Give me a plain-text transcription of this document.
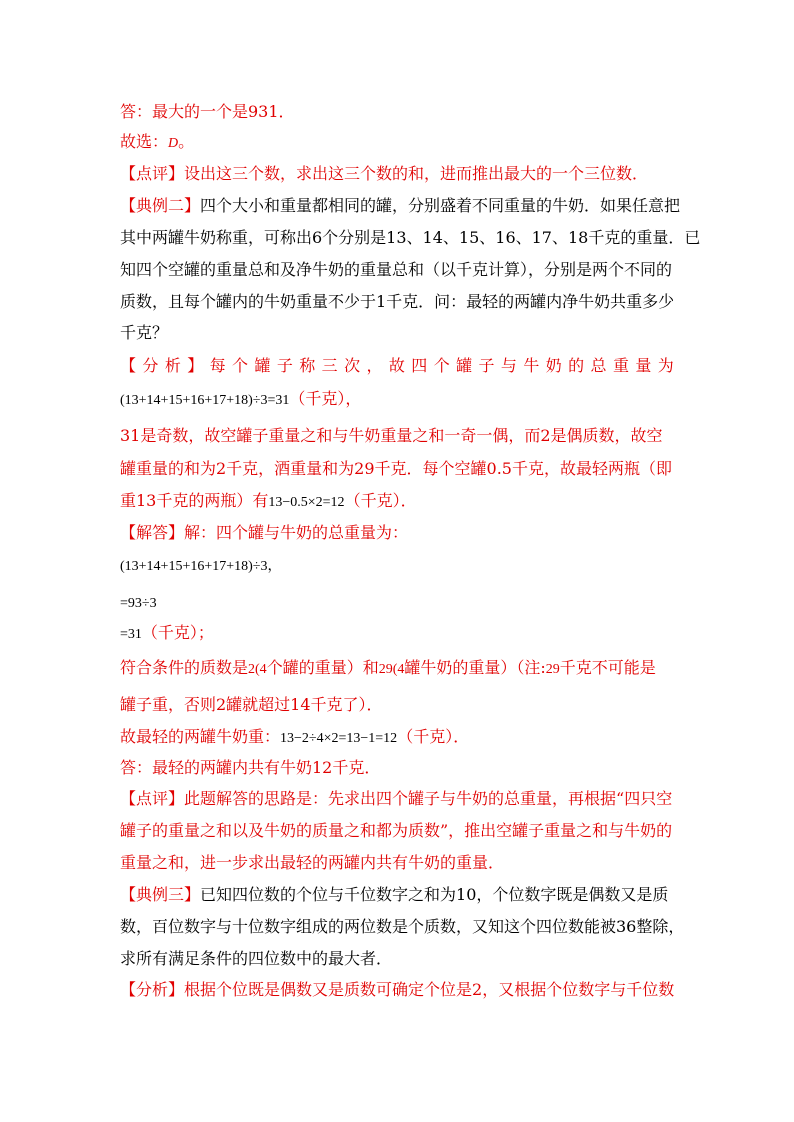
答：最大的一个是931．
故选：D。
【点评】设出这三个数，求出这三个数的和，进而推出最大的一个三位数．
【典例二】四个大小和重量都相同的罐，分别盛着不同重量的牛奶．如果任意把
其中两罐牛奶称重，可称出6个分别是13、14、15、16、17、18千克的重量．已
知四个空罐的重量总和及净牛奶的重量总和（以千克计算），分别是两个不同的
质数，且每个罐内的牛奶重量不少于1千克．问：最轻的两罐内净牛奶共重多少
千克？
【 分 析 】 每 个 罐 子 称 三 次 ， 故 四 个 罐 子 与 牛 奶 的 总 重 量 为
(13+14+15+16+17+18)÷3=31（千克），
31是奇数，故空罐子重量之和与牛奶重量之和一奇一偶，而2是偶质数，故空
罐重量的和为2千克，酒重量和为29千克．每个空罐0.5千克，故最轻两瓶（即
重13千克的两瓶）有13−0.5×2=12（千克）．
【解答】解：四个罐与牛奶的总重量为：
(13+14+15+16+17+18)÷3，
=93÷3
=31（千克）；
符合条件的质数是2(4个罐的重量）和29(4罐牛奶的重量）（注:29千克不可能是
罐子重，否则2罐就超过14千克了）．
故最轻的两罐牛奶重：13−2÷4×2=13−1=12（千克）．
答：最轻的两罐内共有牛奶12千克．
【点评】此题解答的思路是：先求出四个罐子与牛奶的总重量，再根据“四只空
罐子的重量之和以及牛奶的质量之和都为质数”，推出空罐子重量之和与牛奶的
重量之和，进一步求出最轻的两罐内共有牛奶的重量．
【典例三】已知四位数的个位与千位数字之和为10，个位数字既是偶数又是质
数，百位数字与十位数字组成的两位数是个质数，又知这个四位数能被36整除，
求所有满足条件的四位数中的最大者．
【分析】根据个位既是偶数又是质数可确定个位是2，又根据个位数字与千位数
